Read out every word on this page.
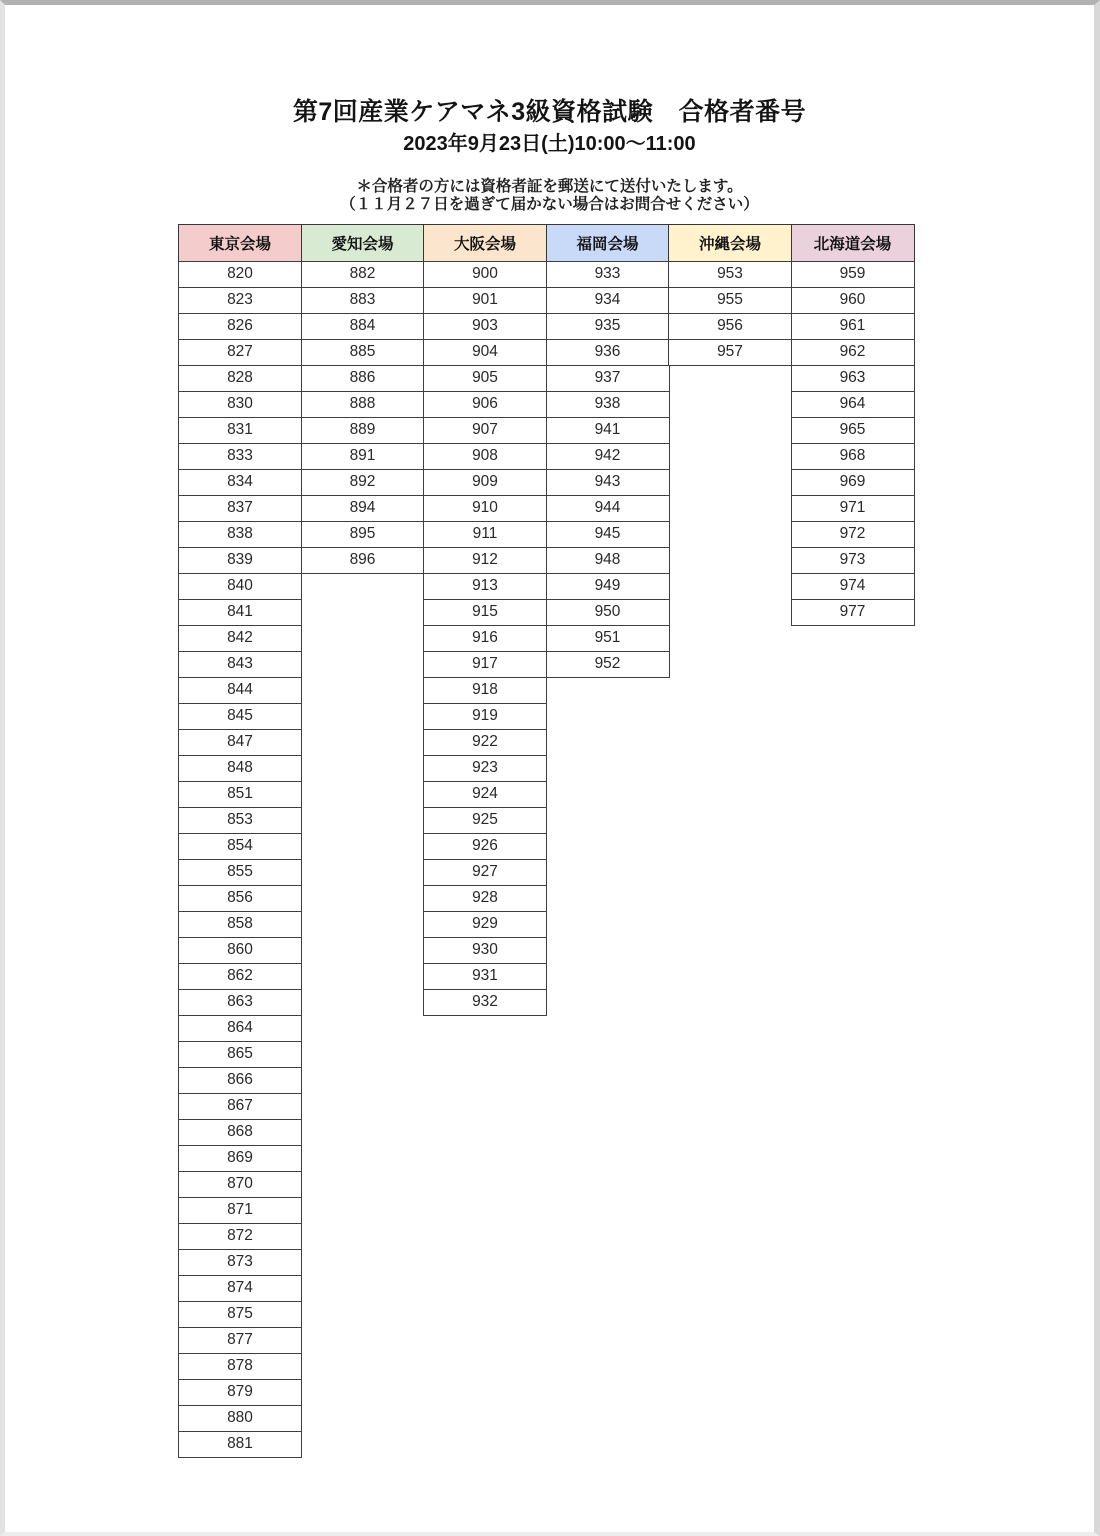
第7回産業ケアマネ3級資格試験　合格者番号
2023年9月23日(土)10:00～11:00
＊合格者の方には資格者証を郵送にて送付いたします。
（１１月２７日を過ぎて届かない場合はお問合せください）
東京会場
820
823
826
827
828
830
831
833
834
837
838
839
840
841
842
843
844
845
847
848
851
853
854
855
856
858
860
862
863
864
865
866
867
868
869
870
871
872
873
874
875
877
878
879
880
881
愛知会場
882
883
884
885
886
888
889
891
892
894
895
896
大阪会場
900
901
903
904
905
906
907
908
909
910
911
912
913
915
916
917
918
919
922
923
924
925
926
927
928
929
930
931
932
福岡会場
933
934
935
936
937
938
941
942
943
944
945
948
949
950
951
952
沖縄会場
953
955
956
957
北海道会場
959
960
961
962
963
964
965
968
969
971
972
973
974
977
